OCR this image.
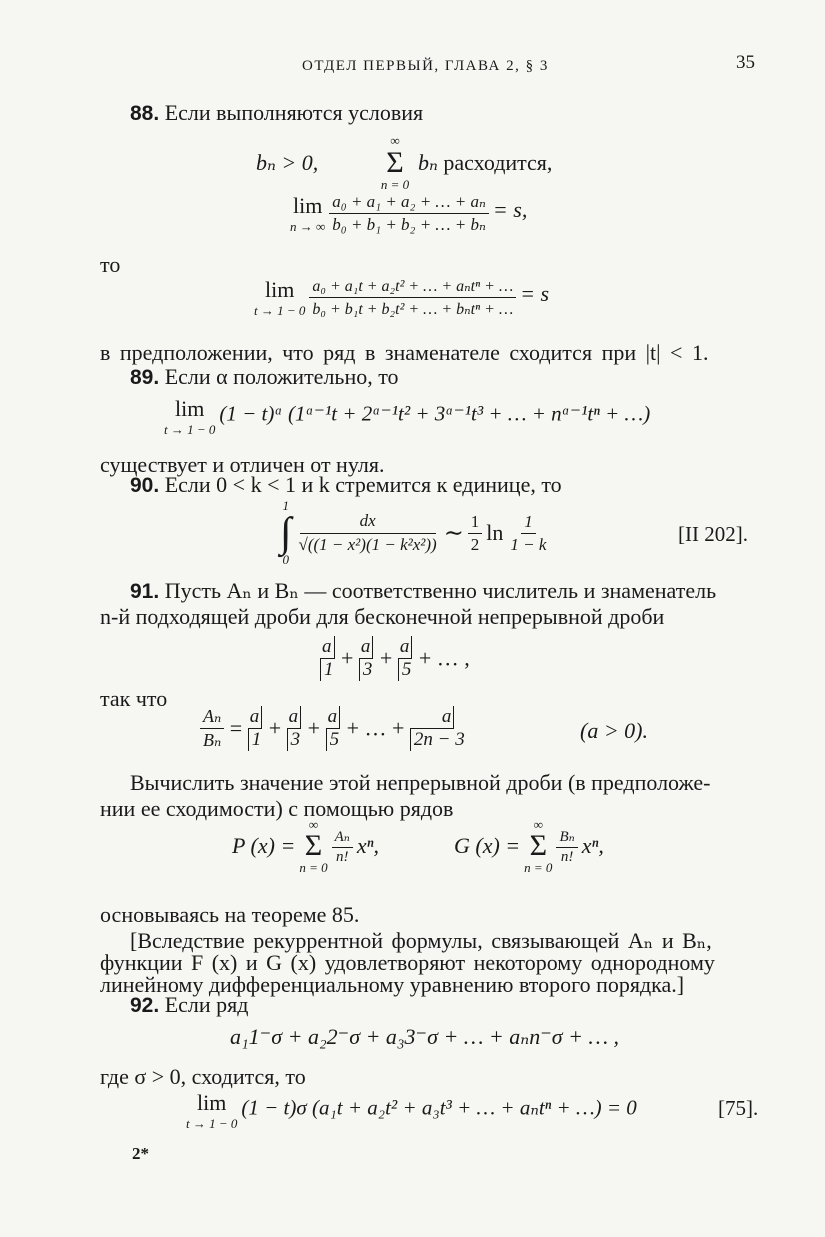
ОТДЕЛ ПЕРВЫЙ, ГЛАВА 2, § 3	35
88. Если выполняются условия
bₙ > 0,
∞
Σ
n = 0
bₙ расходится,
lim
n → ∞
$\frac{\text{a₀ + a₁ + a₂ + … + aₙ}}{\text{b₀ + b₁ + b₂ + … + bₙ}} = s$,
то
lim
t → 1 − 0
$\frac{\text{a₀ + a₁t + a₂t² + … + aₙtⁿ + …}}{\text{b₀ + b₁t + b₂t² + … + bₙtⁿ + …}} = s$
в предположении, что ряд в знаменателе сходится при |t| < 1.
89. Если α положительно, то
lim
t → 1 − 0
(1 − t)ᵅ (1ᵅ⁻¹t + 2ᵅ⁻¹t² + 3ᵅ⁻¹t³ + … + nᵅ⁻¹tⁿ + …)
существует и отличен от нуля.
90. Если 0 < k < 1 и k стремится к единице, то
1
∫
0

$\frac{dx}{\text{√((1 − x²)(1 − k²x²))}}$ ∼ $\frac{1}{2}$ $\ln \frac{1}{1 - k}$	[II 202].
91. Пусть Aₙ и Bₙ — соответственно числитель и знаменатель
n-й подходящей дроби для бесконечной непрерывной дроби
$\frac{a}{1} + \frac{a}{3} + \frac{a}{5}$ + … ,
так что
$\frac{\text{Aₙ}}{\text{Bₙ}} = \frac{a}{1} + \frac{a}{3} + \frac{a}{5}$ + … + $\frac{a}{2n - 3}$	(a > 0).
Вычислить значение этой непрерывной дроби (в предположе-
нии ее сходимости) с помощью рядов
P (x) =
∞
Σ
n = 0

$\frac{\text{Aₙ}}{n!} x^n$,	G (x) =
∞
Σ
n = 0

$\frac{\text{Bₙ}}{n!} x^n$,
основываясь на теореме 85.
[Вследствие рекуррентной формулы, связывающей Aₙ и Bₙ,
функции F (x) и G (x) удовлетворяют некоторому однородному
линейному дифференциальному уравнению второго порядка.]
92. Если ряд
a₁1⁻σ + a₂2⁻σ + a₃3⁻σ + … + aₙn⁻σ + … ,
где σ > 0, сходится, то
lim
t → 1 − 0
(1 − t)σ (a₁t + a₂t² + a₃t³ + … + aₙtⁿ + …) = 0	[75].
2*
